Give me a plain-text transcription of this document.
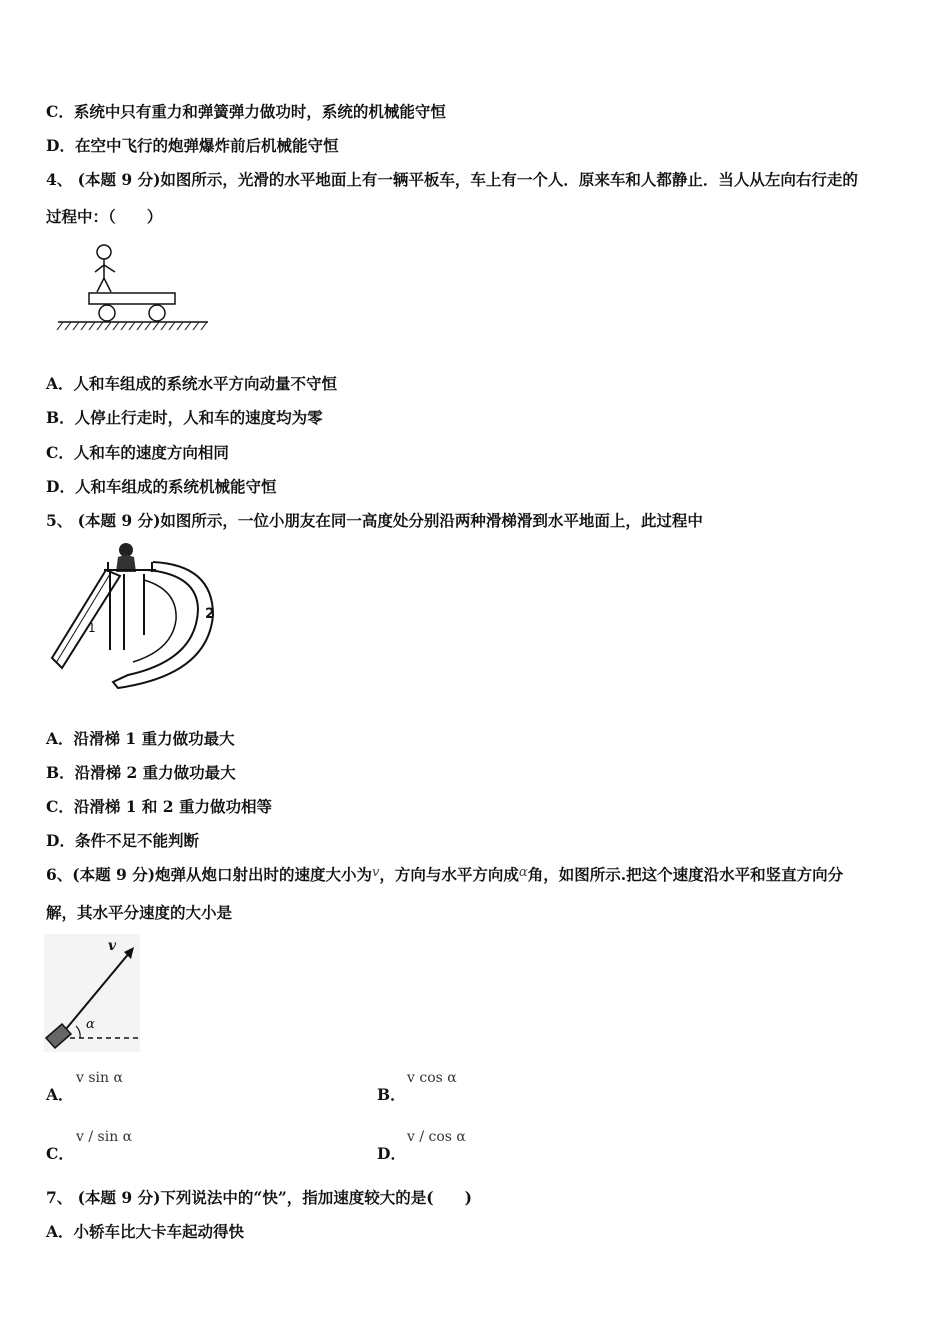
C．系统中只有重力和弹簧弹力做功时，系统的机械能守恒
D．在空中飞行的炮弹爆炸前后机械能守恒
4、 (本题 9 分)如图所示，光滑的水平地面上有一辆平板车，车上有一个人．原来车和人都静止．当人从左向右行走的
过程中：（　　）
A．人和车组成的系统水平方向动量不守恒
B．人停止行走时，人和车的速度均为零
C．人和车的速度方向相同
D．人和车组成的系统机械能守恒
5、 (本题 9 分)如图所示，一位小朋友在同一高度处分别沿两种滑梯滑到水平地面上，此过程中
1
2
A．沿滑梯 1 重力做功最大
B．沿滑梯 2 重力做功最大
C．沿滑梯 1 和 2 重力做功相等
D．条件不足不能判断
6、(本题 9 分)炮弹从炮口射出时的速度大小为$^v$，方向与水平方向成$^\alpha$角，如图所示.把这个速度沿水平和竖直方向分
解，其水平分速度的大小是
v
α
A．
v sin α
B．
v cos α
C．
v / sin α
D．
v / cos α
7、 (本题 9 分)下列说法中的“快”，指加速度较大的是(　　)
A．小轿车比大卡车起动得快
